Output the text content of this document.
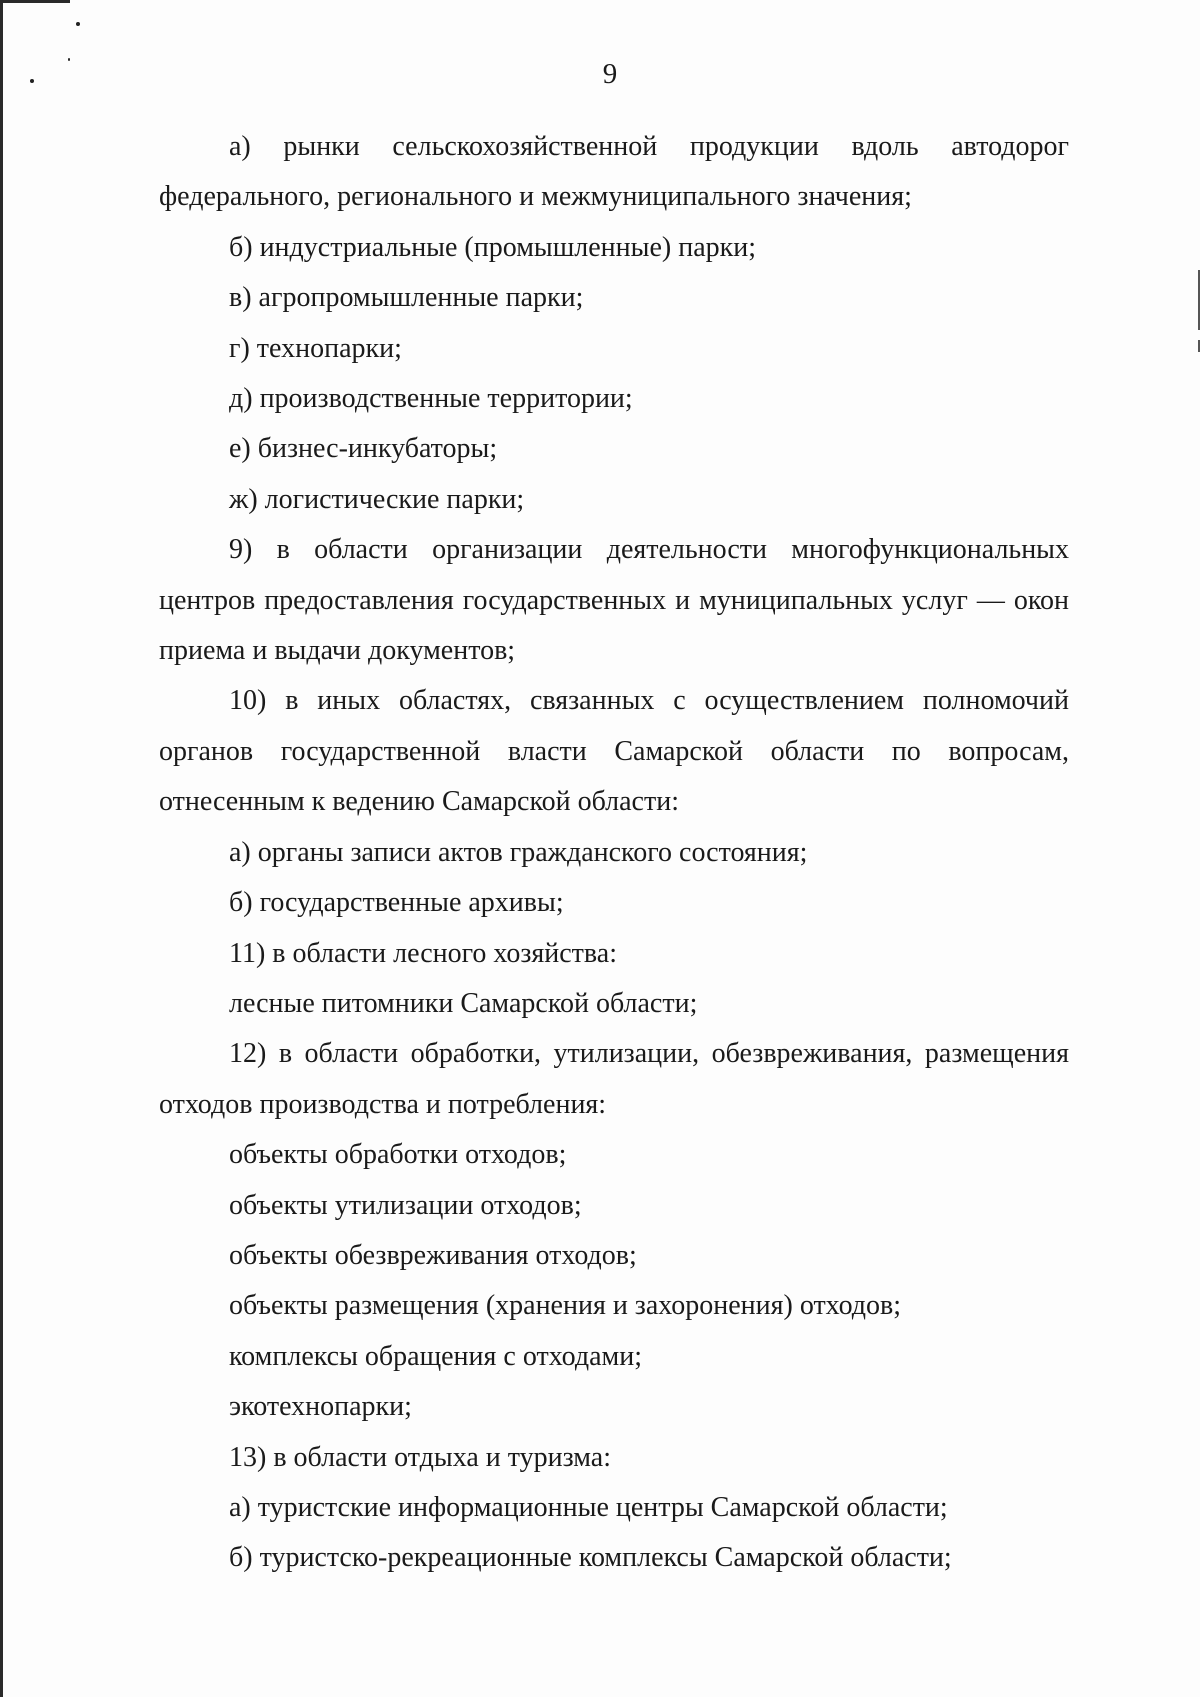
9

а) рынки сельскохозяйственной продукции вдоль автодорог федерального, регионального и межмуниципального значения;

б) индустриальные (промышленные) парки;

в) агропромышленные парки;

г) технопарки;

д) производственные территории;

е) бизнес-инкубаторы;

ж) логистические парки;

9) в области организации деятельности многофункциональных центров предоставления государственных и муниципальных услуг — окон приема и выдачи документов;

10) в иных областях, связанных с осуществлением полномочий органов государственной власти Самарской области по вопросам, отнесенным к ведению Самарской области:

а) органы записи актов гражданского состояния;

б) государственные архивы;

11) в области лесного хозяйства:

лесные питомники Самарской области;

12) в области обработки, утилизации, обезвреживания, размещения отходов производства и потребления:

объекты обработки отходов;

объекты утилизации отходов;

объекты обезвреживания отходов;

объекты размещения (хранения и захоронения) отходов;

комплексы обращения с отходами;

экотехнопарки;

13) в области отдыха и туризма:

а) туристские информационные центры Самарской области;

б) туристско-рекреационные комплексы Самарской области;
